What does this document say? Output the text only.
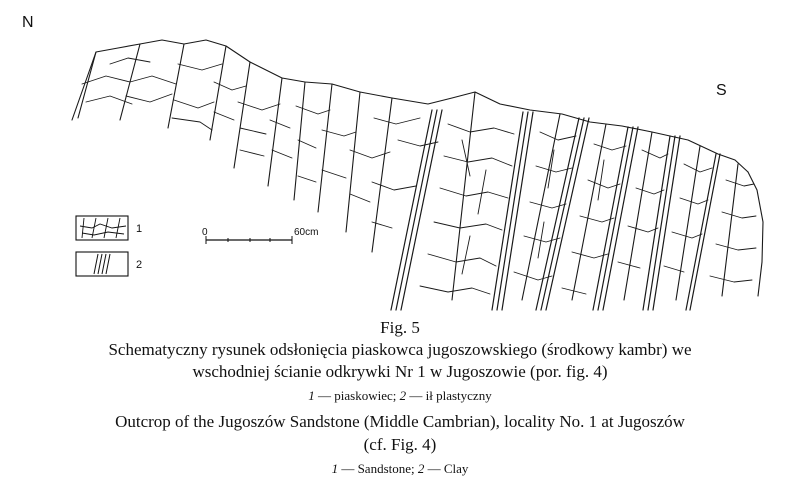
N
S
1
2
0	60cm
Fig. 5
Schematyczny rysunek odsłonięcia piaskowca jugoszowskiego (środkowy kambr) we
wschodniej ścianie odkrywki Nr 1 w Jugoszowie (por. fig. 4)
1 — piaskowiec; 2 — ił plastyczny
Outcrop of the Jugoszów Sandstone (Middle Cambrian), locality No. 1 at Jugoszów
(cf. Fig. 4)
1 — Sandstone; 2 — Clay
